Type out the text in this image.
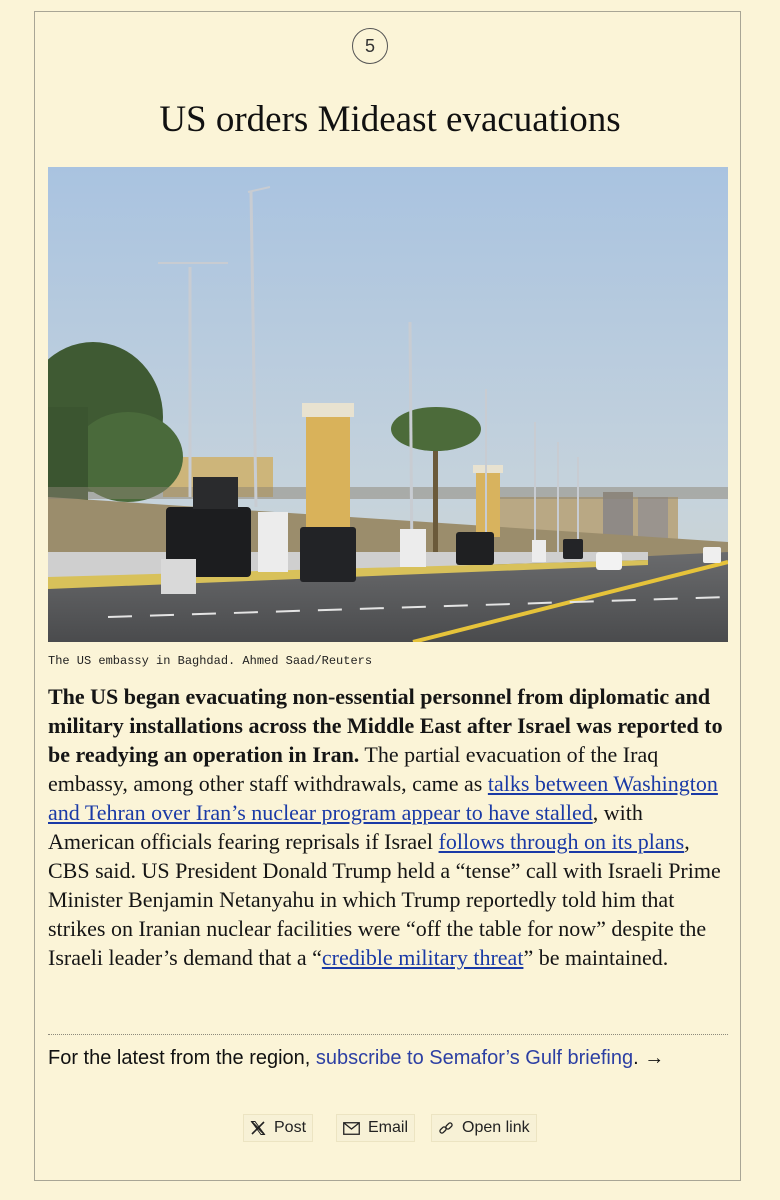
5
US orders Mideast evacuations
The US embassy in Baghdad. Ahmed Saad/Reuters

The US began evacuating non-essential personnel from diplomatic and military installations across the Middle East after Israel was reported to be readying an operation in Iran. The partial evacuation of the Iraq embassy, among other staff withdrawals, came as talks between Washington and Tehran over Iran’s nuclear program appear to have stalled, with American officials fearing reprisals if Israel follows through on its plans, CBS said. US President Donald Trump held a “tense” call with Israeli Prime Minister Benjamin Netanyahu in which Trump reportedly told him that strikes on Iranian nuclear facilities were “off the table for now” despite the Israeli leader’s demand that a “credible military threat” be maintained.

For the latest from the region, subscribe to Semafor’s Gulf briefing. →
Post	Email	Open link
